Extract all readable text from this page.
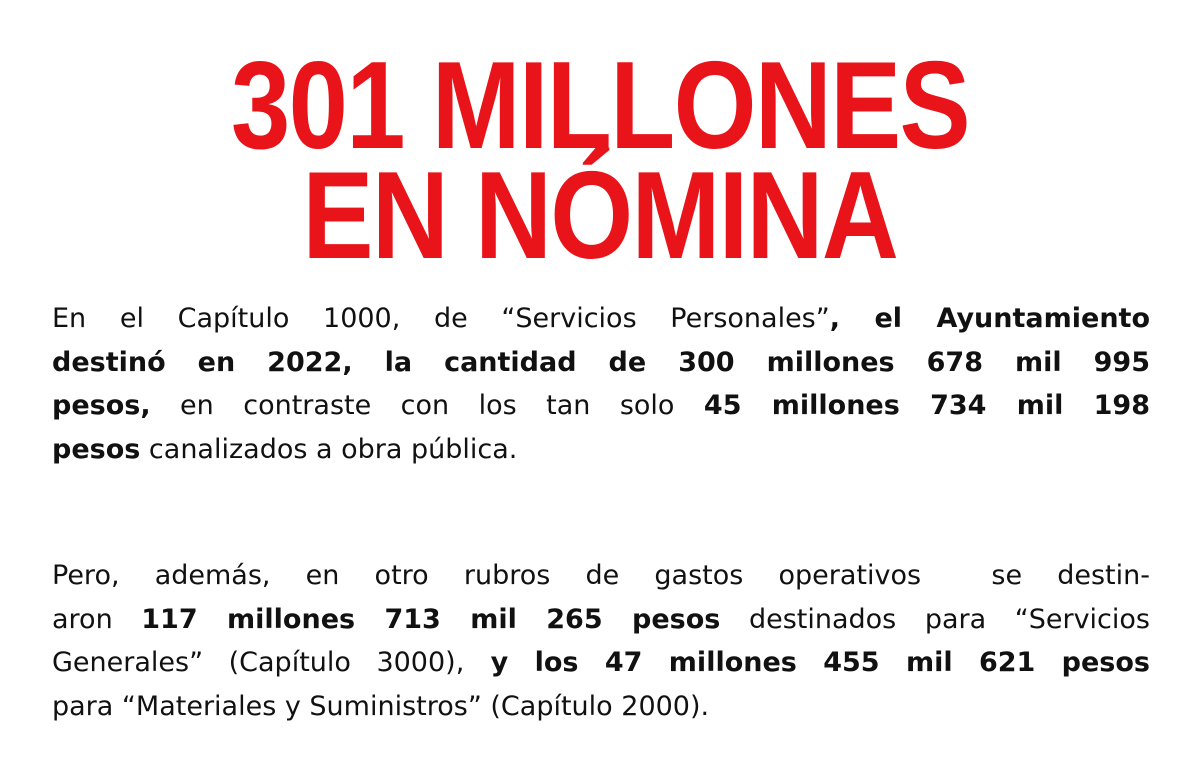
301 MILLONES
EN NÓMINA
En el Capítulo 1000, de “Servicios Personales”, el Ayuntamiento
destinó en 2022, la cantidad de 300 millones 678 mil 995
pesos, en contraste con los tan solo 45 millones 734 mil 198
pesos canalizados a obra pública.
Pero, además, en otro rubros de gastos operativos  se destin-
aron 117 millones 713 mil 265 pesos destinados para “Servicios
Generales” (Capítulo 3000), y los 47 millones 455 mil 621 pesos
para “Materiales y Suministros” (Capítulo 2000).
